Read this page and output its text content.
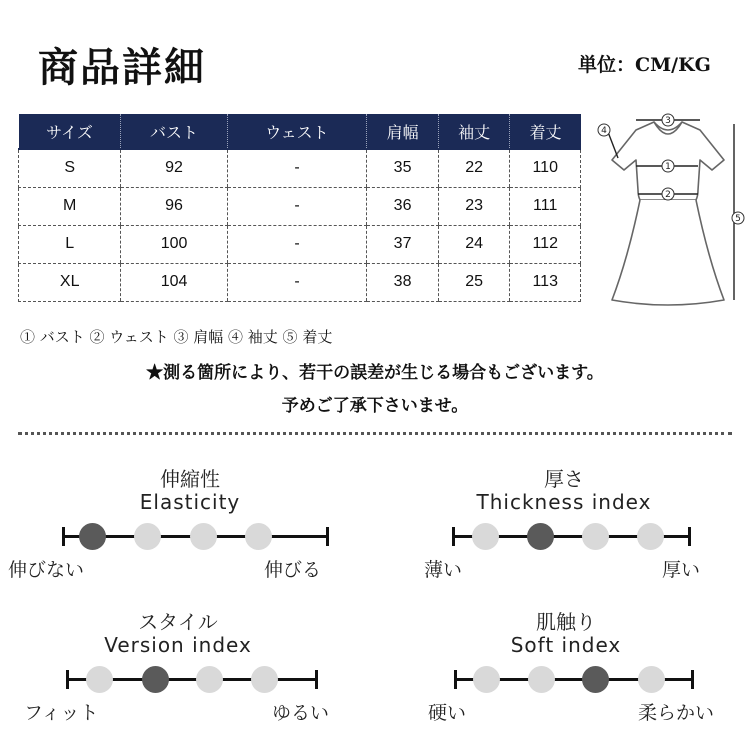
商品詳細	単位：CM/KG
サイズ	バスト	ウェスト	肩幅	袖丈	着丈
S	92	-	35	22	110
M	96	-	36	23	111
L	100	-	37	24	112
XL	104	-	38	25	113
3
1
2
4
5
① バスト ② ウェスト ③ 肩幅 ④ 袖丈 ⑤ 着丈
★測る箇所により、若干の誤差が生じる場合もございます。
予めご了承下さいませ。
伸縮性
Elasticity
伸びない	伸びる
厚さ
Thickness index
薄い	厚い
スタイル
Version index
フィット	ゆるい
肌触り
Soft index
硬い	柔らかい
